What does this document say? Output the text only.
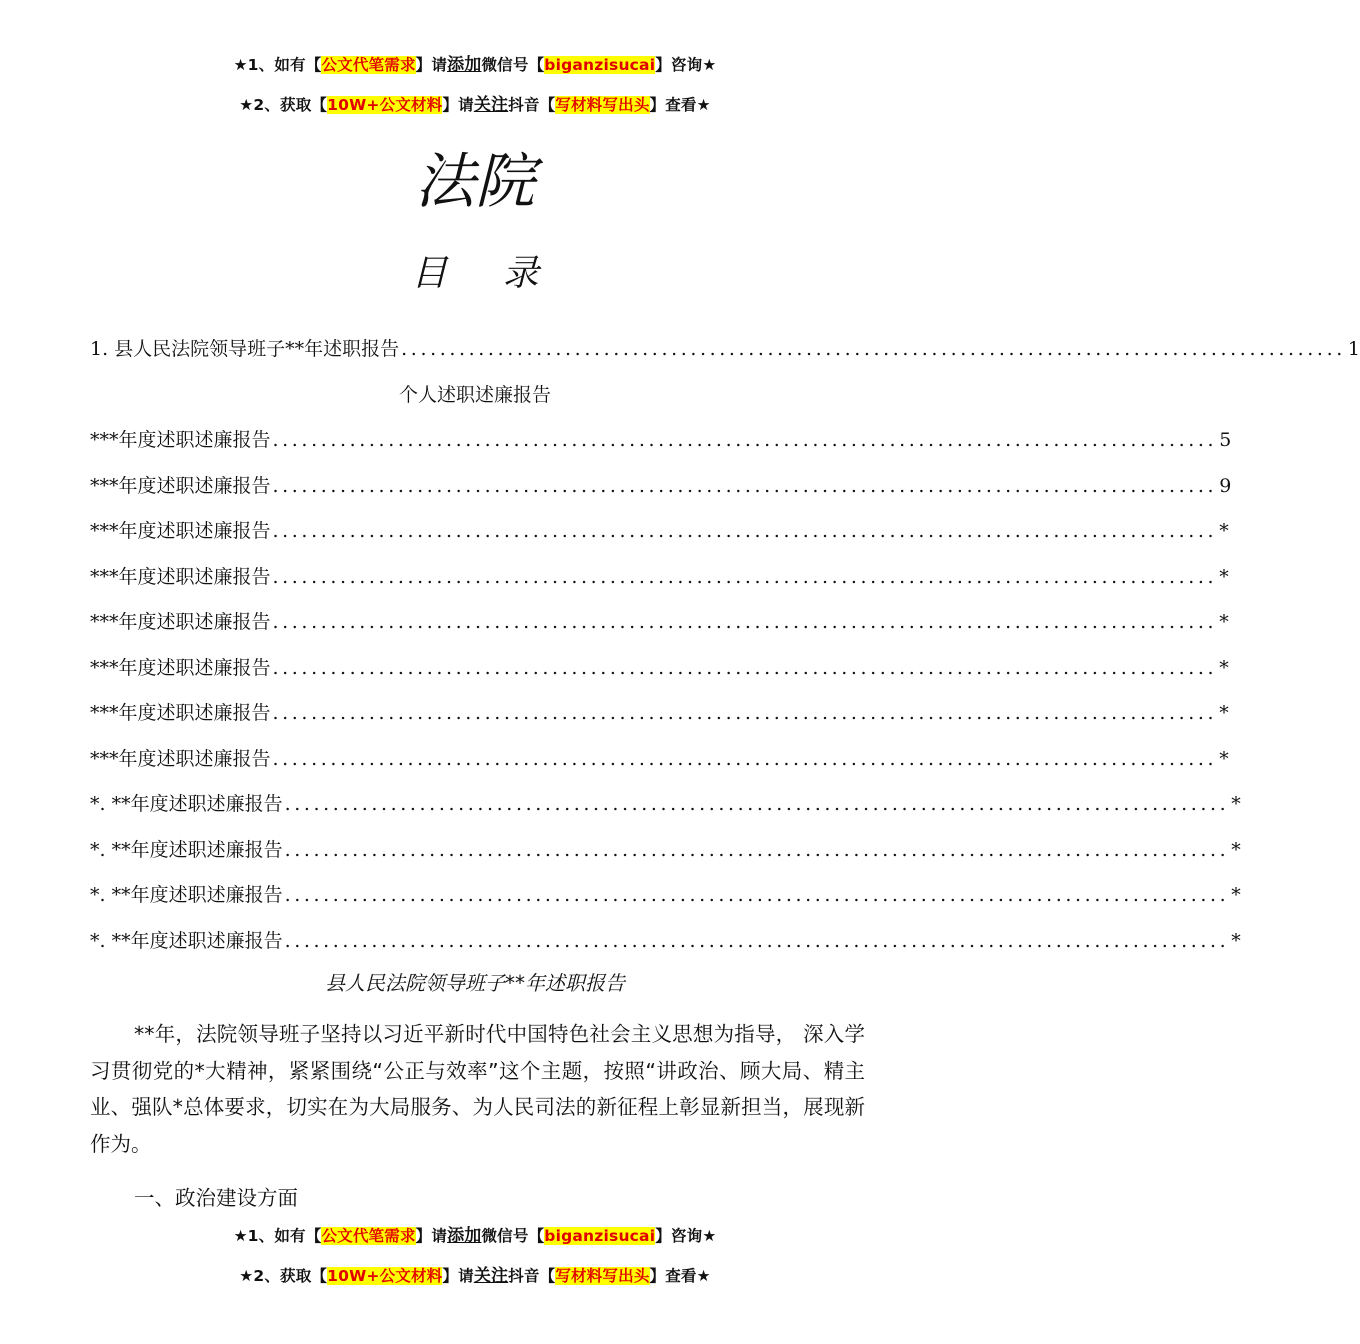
★1、如有【公文代笔需求】请添加微信号【biganzisucai】咨询★
★2、获取【10W+公文材料】请关注抖音【写材料写出头】查看★
法院
目 录
1. 县人民法院领导班子**年述职报告 .................................................................................................. 1
个人述职述廉报告
***年度述职述廉报告 .................................................................................................. 5
***年度述职述廉报告 .................................................................................................. 9
***年度述职述廉报告 .................................................................................................. *
***年度述职述廉报告 .................................................................................................. *
***年度述职述廉报告 .................................................................................................. *
***年度述职述廉报告 .................................................................................................. *
***年度述职述廉报告 .................................................................................................. *
***年度述职述廉报告 .................................................................................................. *
*. **年度述职述廉报告 .................................................................................................. *
*. **年度述职述廉报告 .................................................................................................. *
*. **年度述职述廉报告 .................................................................................................. *
*. **年度述职述廉报告 .................................................................................................. *
县人民法院领导班子**年述职报告

**年，法院领导班子坚持以习近平新时代中国特色社会主义思想为指导， 深入学习贯彻党的*大精神，紧紧围绕“公正与效率”这个主题，按照“讲政治、顾大局、精主业、强队*总体要求，切实在为大局服务、为人民司法的新征程上彰显新担当，展现新作为。

一、政治建设方面
★1、如有【公文代笔需求】请添加微信号【biganzisucai】咨询★
★2、获取【10W+公文材料】请关注抖音【写材料写出头】查看★
